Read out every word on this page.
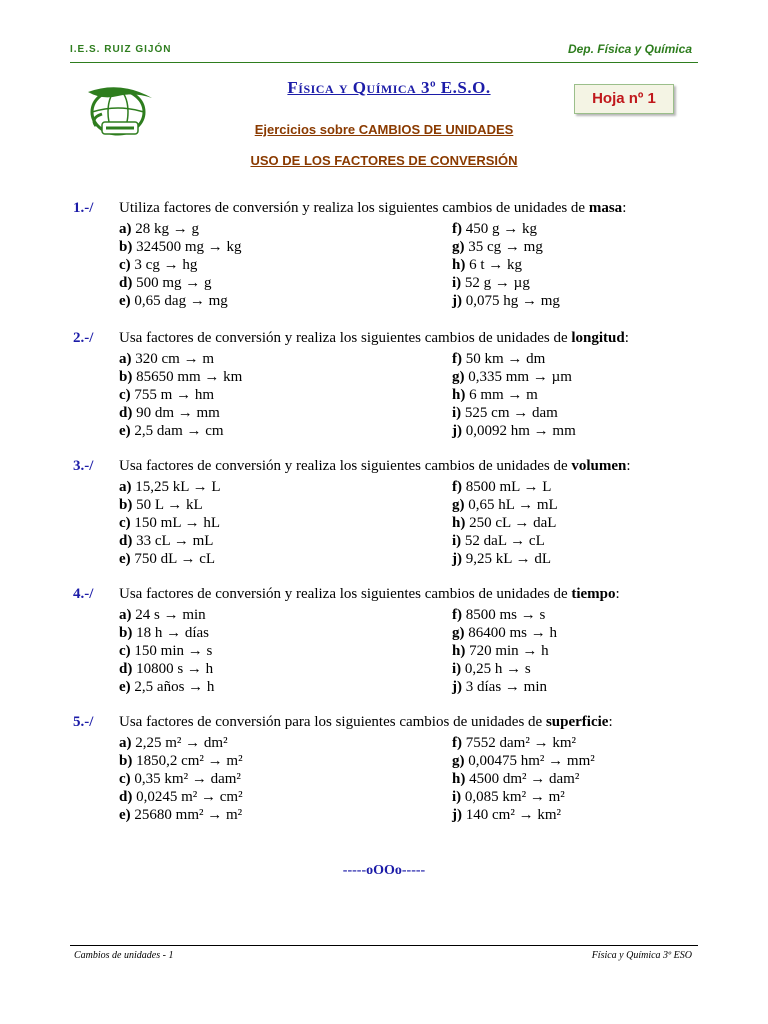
I.E.S. RUIZ GIJÓN	Dep. Física y Química
Física y Química 3º E.S.O.
Hoja nº 1
Ejercicios sobre CAMBIOS DE UNIDADES
USO DE LOS FACTORES DE CONVERSIÓN
1.-/ Utiliza factores de conversión y realiza los siguientes cambios de unidades de masa:
a) 28 kg → g
b) 324500 mg → kg
c) 3 cg → hg
d) 500 mg → g
e) 0,65 dag → mg
f) 450 g → kg
g) 35 cg → mg
h) 6 t → kg
i) 52 g → µg
j) 0,075 hg → mg
2.-/ Usa factores de conversión y realiza los siguientes cambios de unidades de longitud:
a) 320 cm → m
b) 85650 mm → km
c) 755 m → hm
d) 90 dm → mm
e) 2,5 dam → cm
f) 50 km → dm
g) 0,335 mm → µm
h) 6 mm → m
i) 525 cm → dam
j) 0,0092 hm → mm
3.-/ Usa factores de conversión y realiza los siguientes cambios de unidades de volumen:
a) 15,25 kL → L
b) 50 L → kL
c) 150 mL → hL
d) 33 cL → mL
e) 750 dL → cL
f) 8500 mL → L
g) 0,65 hL → mL
h) 250 cL → daL
i) 52 daL → cL
j) 9,25 kL → dL
4.-/ Usa factores de conversión y realiza los siguientes cambios de unidades de tiempo:
a) 24 s → min
b) 18 h → días
c) 150 min → s
d) 10800 s → h
e) 2,5 años → h
f) 8500 ms → s
g) 86400 ms → h
h) 720 min → h
i) 0,25 h → s
j) 3 días → min
5.-/ Usa factores de conversión para los siguientes cambios de unidades de superficie:
a) 2,25 m² → dm²
b) 1850,2 cm² → m²
c) 0,35 km² → dam²
d) 0,0245 m² → cm²
e) 25680 mm² → m²
f) 7552 dam² → km²
g) 0,00475 hm² → mm²
h) 4500 dm² → dam²
i) 0,085 km² → m²
j) 140 cm² → km²
-----oOOo-----
Cambios de unidades - 1	Física y Química 3º ESO
